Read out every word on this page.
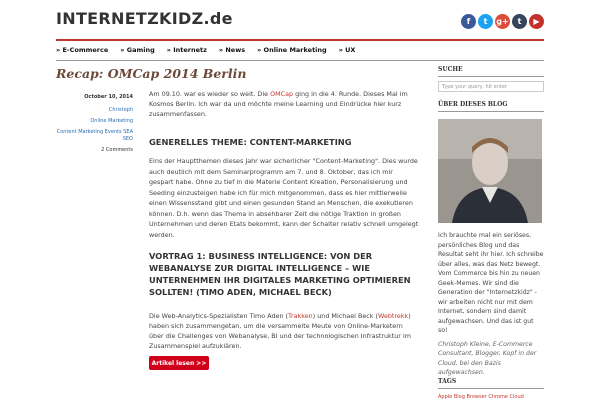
INTERNETZKIDZ.de	f	t	g+	t	▶
» E-Commerce » Gaming » Internetz » News » Online Marketing » UX
Recap: OMCap 2014 Berlin
October 10, 2014
Christoph
Online Marketing
Content Marketing Events SEA SEO
2 Comments

Am 09.10. war es wieder so weit. Die OMCap ging in die 4. Runde. Dieses Mal im Kosmos Berlin. Ich war da und möchte meine Learning und Eindrücke hier kurz zusammenfassen.

GENERELLES THEME: CONTENT-MARKETING
Eins der Hauptthemen dieses Jahr war sicherlicher "Content-Marketing". Dies wurde auch deutlich mit dem Seminarprogramm am 7. und 8. Oktober, das ich mir gespart habe. Ohne zu tief in die Materie Content Kreation, Personalisierung und Seeding einzusteigen habe ich für mich mitgenommen, dass es hier mittlerweile einen Wissensstand gibt und einen gesunden Stand an Menschen, die exekutieren können. D.h. wenn das Thema in absehbarer Zeit die nötige Traktion in großen Unternehmen und deren Etats bekommt, kann der Schalter relativ schnell umgelegt werden.
VORTRAG 1: BUSINESS INTELLIGENCE: VON DER WEBANALYSE ZUR DIGITAL INTELLIGENCE – WIE UNTERNEHMEN IHR DIGITALES MARKETING OPTIMIEREN SOLLTEN! (TIMO ADEN, MICHAEL BECK)
Die Web-Analytics-Spezialisten Timo Aden (Trakken) und Michael Beck (Webtrekk) haben sich zusammengetan, um die versammelte Meute von Online-Marketern über die Challenges von Webanalyse, BI und der technologischen Infrastruktur im Zusammenspiel aufzuklären.
Artikel lesen >>
SUCHE
Type your query, hit enter
ÜBER DIESES BLOG
Ich brauchte mal ein seriöses, persönliches Blog und das Resultat seht ihr hier. Ich schreibe über alles, was das Netz bewegt. Vom Commerce bis hin zu neuen Geek-Memes. Wir sind die Generation der "Internetzkidz" - wir arbeiten nicht nur mit dem Internet, sondern sind damit aufgewachsen. Und das ist gut so!
Christoph Kleine, E-Commerce Consultant, Blogger, Kopf in der Cloud, bei den Bazis aufgewachsen.
TAGS
Apple Blog Browser Chrome Cloud
